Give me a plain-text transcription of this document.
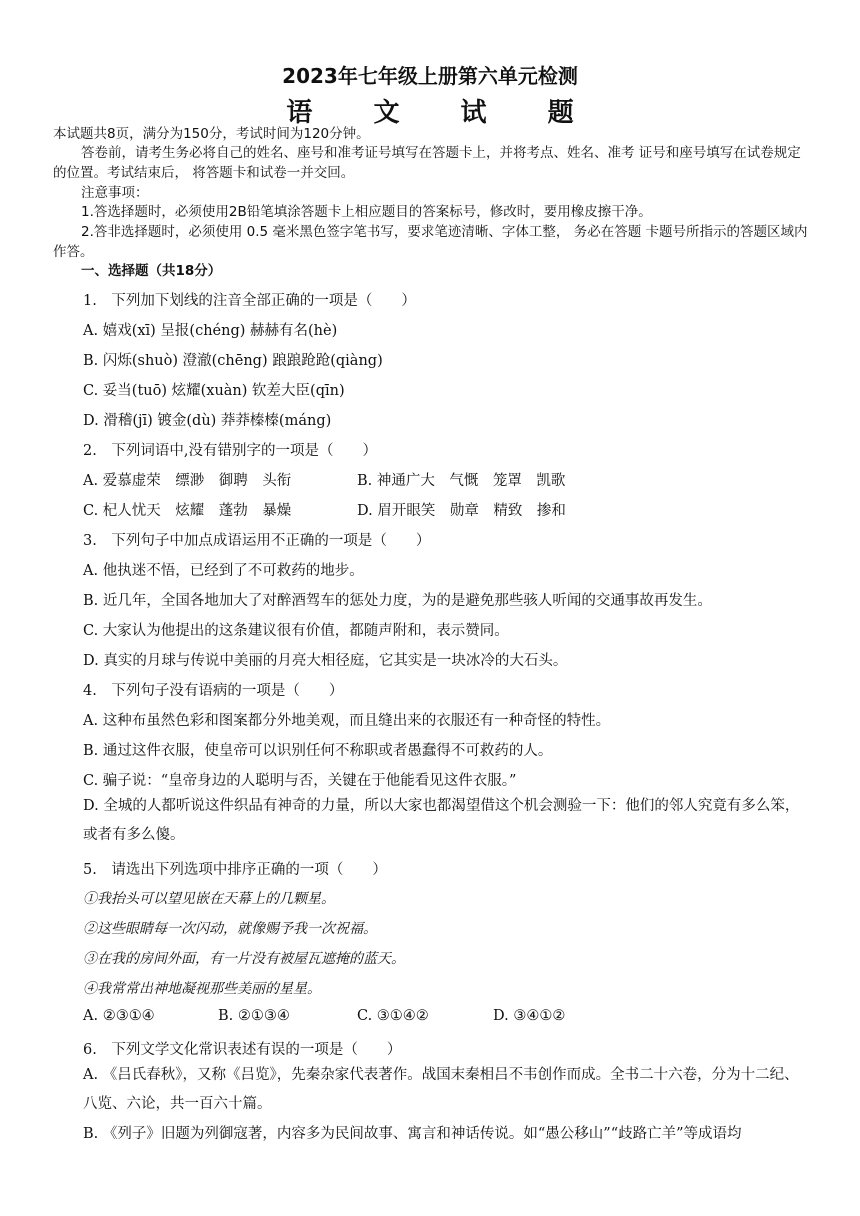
2023年七年级上册第六单元检测
语 文 试 题
本试题共8页，满分为150分，考试时间为120分钟。
答卷前，请考生务必将自己的姓名、座号和准考证号填写在答题卡上，并将考点、姓名、准考 证号和座号填写在试卷规定的位置。考试结束后， 将答题卡和试卷一并交回。
注意事项：
1.答选择题时，必须使用2B铅笔填涂答题卡上相应题目的答案标号，修改时，要用橡皮擦干净。
2.答非选择题时，必须使用 0.5 毫米黑色签字笔书写，要求笔迹清晰、字体工整， 务必在答题 卡题号所指示的答题区域内作答。
一、选择题（共18分）
1.　下列加下划线的注音全部正确的一项是（　　）
A. 嬉戏(xī) 呈报(chéng) 赫赫有名(hè)
B. 闪烁(shuò) 澄澈(chēng) 踉踉跄跄(qiàng)
C. 妥当(tuō) 炫耀(xuàn) 钦差大臣(qīn)
D. 滑稽(jī) 镀金(dù) 莽莽榛榛(máng)
2.　下列词语中,没有错别字的一项是（　　）
A. 爱慕虚荣　缥渺　御聘　头衔	B. 神通广大　气慨　笼罩　凯歌
C. 杞人忧天　炫耀　蓬勃　暴燥	D. 眉开眼笑　勋章　精致　掺和
3.　下列句子中加点成语运用不正确的一项是（　　）
A. 他执迷不悟，已经到了不可救药的地步。
B. 近几年，全国各地加大了对醉酒驾车的惩处力度，为的是避免那些骇人听闻的交通事故再发生。
C. 大家认为他提出的这条建议很有价值，都随声附和，表示赞同。
D. 真实的月球与传说中美丽的月亮大相径庭，它其实是一块冰冷的大石头。
4.　下列句子没有语病的一项是（　　）
A. 这种布虽然色彩和图案都分外地美观，而且缝出来的衣服还有一种奇怪的特性。
B. 通过这件衣服，使皇帝可以识别任何不称职或者愚蠢得不可救药的人。
C. 骗子说：“皇帝身边的人聪明与否，关键在于他能看见这件衣服。”
D. 全城的人都听说这件织品有神奇的力量，所以大家也都渴望借这个机会测验一下：他们的邻人究竟有多么笨，或者有多么傻。
5.　请选出下列选项中排序正确的一项（　　）
①我抬头可以望见嵌在天幕上的几颗星。
②这些眼睛每一次闪动，就像赐予我一次祝福。
③在我的房间外面，有一片没有被屋瓦遮掩的蓝天。
④我常常出神地凝视那些美丽的星星。
A. ②③①④	B. ②①③④	C. ③①④②	D. ③④①②
6.　下列文学文化常识表述有误的一项是（　　）
A. 《吕氏春秋》，又称《吕览》，先秦杂家代表著作。战国末秦相吕不韦创作而成。全书二十六卷，分为十二纪、八览、六论，共一百六十篇。
B. 《列子》旧题为列御寇著，内容多为民间故事、寓言和神话传说。如“愚公移山”“歧路亡羊”等成语均
